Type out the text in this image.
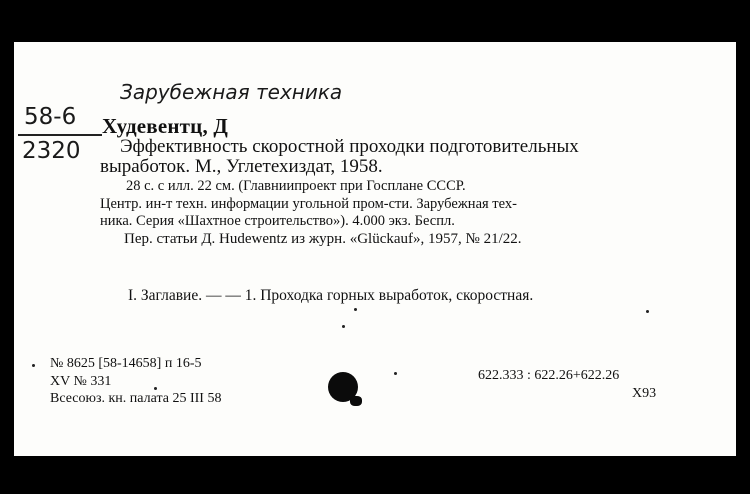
Зарубежная техника
58-6
2320
Худевентц, Д
Эффективность скоростной проходки подготовительных
выработок. М., Углетехиздат, 1958.
28 с. с илл. 22 см. (Главниипроект при Госплане СССР.
Центр. ин-т техн. информации угольной пром-сти. Зарубежная тех-
ника. Серия «Шахтное строительство»). 4.000 экз. Беспл.
Пер. статьи Д. Hudewentz из журн. «Glückauf», 1957, № 21/22.
I. Заглавие. — — 1. Проходка горных выработок, скоростная.
№ 8625 [58-14658] п 16-5
XV № 331
Всесоюз. кн. палата 25 III 58
622.333 : 622.26+622.26
Х93
